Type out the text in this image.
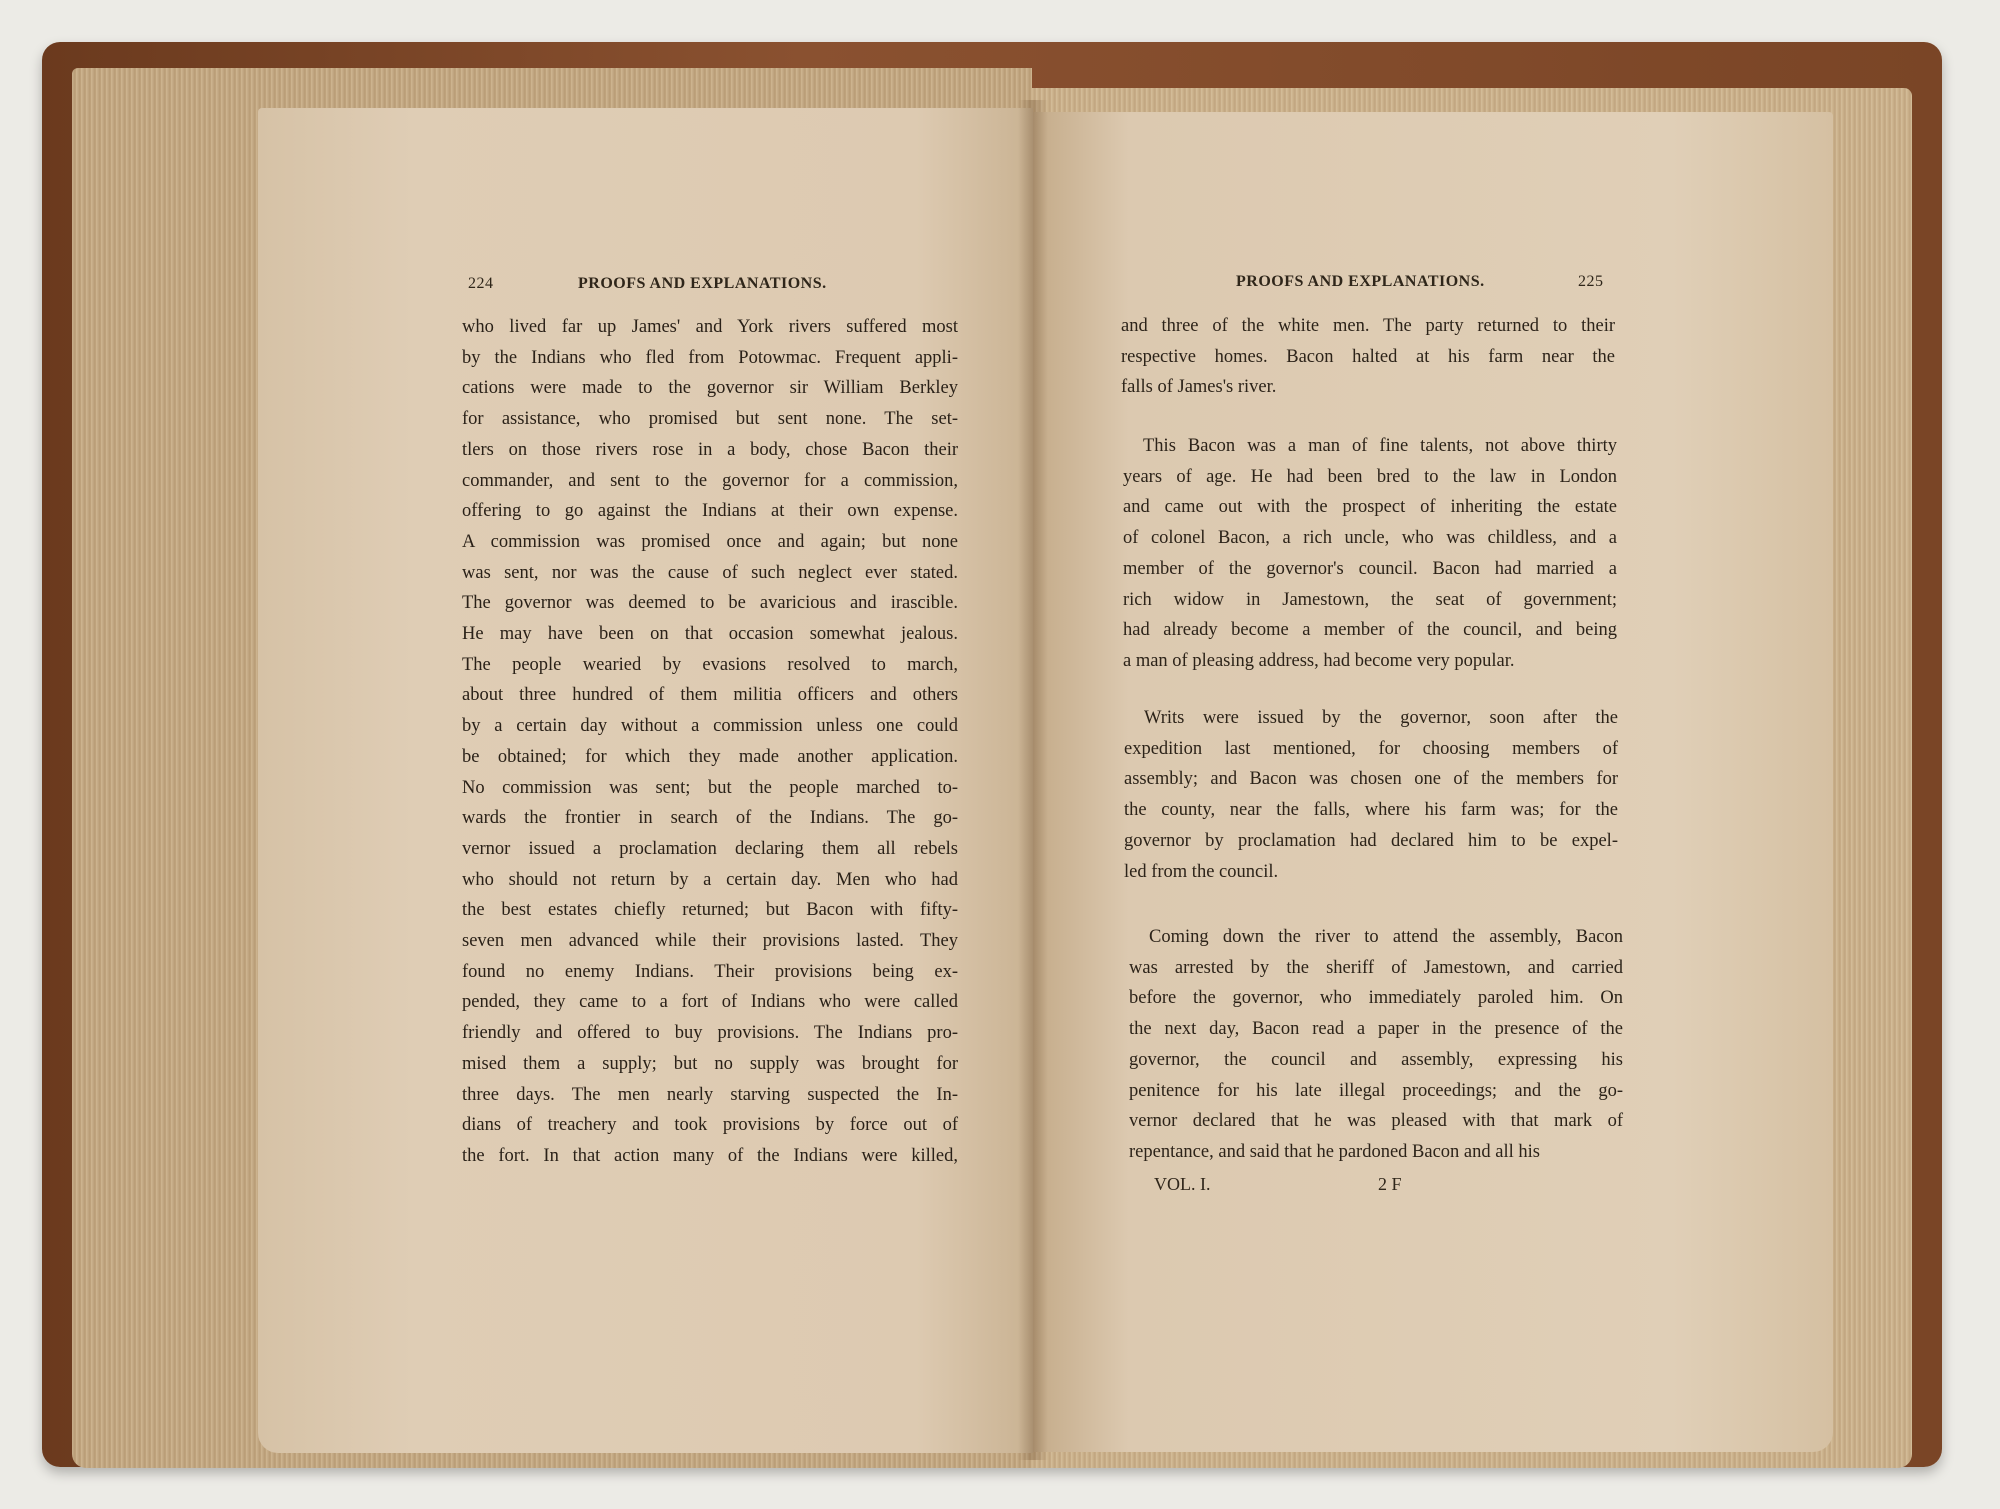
224	PROOFS AND EXPLANATIONS.
who lived far up James' and York rivers suffered most
by the Indians who fled from Potowmac. Frequent appli-
cations were made to the governor sir William Berkley
for assistance, who promised but sent none. The set-
tlers on those rivers rose in a body, chose Bacon their
commander, and sent to the governor for a commission,
offering to go against the Indians at their own expense.
A commission was promised once and again; but none
was sent, nor was the cause of such neglect ever stated.
The governor was deemed to be avaricious and irascible.
He may have been on that occasion somewhat jealous.
The people wearied by evasions resolved to march,
about three hundred of them militia officers and others
by a certain day without a commission unless one could
be obtained; for which they made another application.
No commission was sent; but the people marched to-
wards the frontier in search of the Indians. The go-
vernor issued a proclamation declaring them all rebels
who should not return by a certain day. Men who had
the best estates chiefly returned; but Bacon with fifty-
seven men advanced while their provisions lasted. They
found no enemy Indians. Their provisions being ex-
pended, they came to a fort of Indians who were called
friendly and offered to buy provisions. The Indians pro-
mised them a supply; but no supply was brought for
three days. The men nearly starving suspected the In-
dians of treachery and took provisions by force out of
the fort. In that action many of the Indians were killed,
PROOFS AND EXPLANATIONS.	225
and three of the white men. The party returned to their
respective homes. Bacon halted at his farm near the
falls of James's river.
This Bacon was a man of fine talents, not above thirty
years of age. He had been bred to the law in London
and came out with the prospect of inheriting the estate
of colonel Bacon, a rich uncle, who was childless, and a
member of the governor's council. Bacon had married a
rich widow in Jamestown, the seat of government;
had already become a member of the council, and being
a man of pleasing address, had become very popular.
Writs were issued by the governor, soon after the
expedition last mentioned, for choosing members of
assembly; and Bacon was chosen one of the members for
the county, near the falls, where his farm was; for the
governor by proclamation had declared him to be expel-
led from the council.
Coming down the river to attend the assembly, Bacon
was arrested by the sheriff of Jamestown, and carried
before the governor, who immediately paroled him. On
the next day, Bacon read a paper in the presence of the
governor, the council and assembly, expressing his
penitence for his late illegal proceedings; and the go-
vernor declared that he was pleased with that mark of
repentance, and said that he pardoned Bacon and all his
VOL. I.	2 F
